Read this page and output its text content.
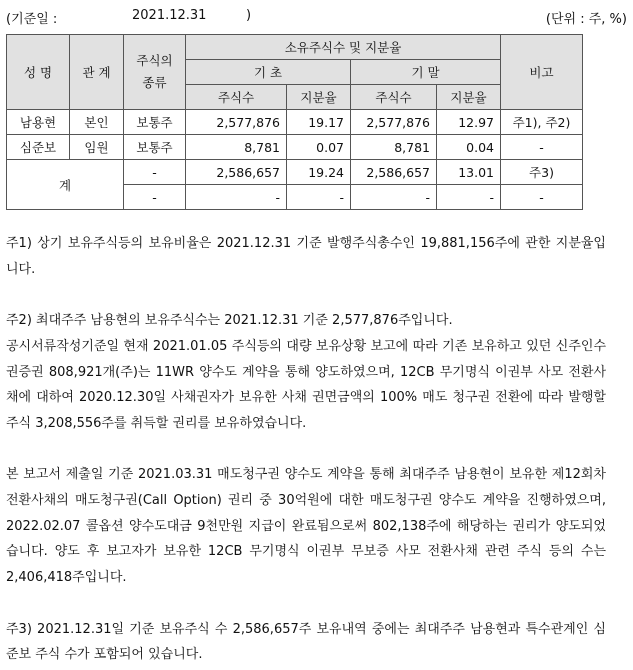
(기준일 :	2021.12.31	)	(단위 : 주, %)
성 명	관 계	주식의 종류	소유주식수 및 지분율				비고
			기 초		기 말		
			주식수	지분율	주식수	지분율	
남용현	본인	보통주	2,577,876	19.17	2,577,876	12.97	주1), 주2)
심준보	임원	보통주	8,781	0.07	8,781	0.04	-
계		-	2,586,657	19.24	2,586,657	13.01	주3)
		-	-	-	-	-	-

주1) 상기 보유주식등의 보유비율은 2021.12.31 기준 발행주식총수인 19,881,156주에 관한 지분율입니다.

주2) 최대주주 남용현의 보유주식수는 2021.12.31 기준 2,577,876주입니다.

공시서류작성기준일 현재 2021.01.05 주식등의 대량 보유상황 보고에 따라 기존 보유하고 있던 신주인수권증권 808,921개(주)는 11WR 양수도 계약을 통해 양도하였으며, 12CB 무기명식 이권부 사모 전환사채에 대하여 2020.12.30일 사채권자가 보유한 사채 권면금액의 100% 매도 청구권 전환에 따라 발행할 주식 3,208,556주를 취득할 권리를 보유하였습니다.

본 보고서 제출일 기준 2021.03.31 매도청구권 양수도 계약을 통해 최대주주 남용현이 보유한 제12회차 전환사채의 매도청구권(Call Option) 권리 중 30억원에 대한 매도청구권 양수도 계약을 진행하였으며, 2022.02.07 콜옵션 양수도대금 9천만원 지급이 완료됨으로써 802,138주에 해당하는 권리가 양도되었습니다. 양도 후 보고자가 보유한 12CB 무기명식 이권부 무보증 사모 전환사채 관련 주식 등의 수는 2,406,418주입니다.

주3) 2021.12.31일 기준 보유주식 수 2,586,657주 보유내역 중에는 최대주주 남용현과 특수관계인 심준보 주식 수가 포함되어 있습니다.
